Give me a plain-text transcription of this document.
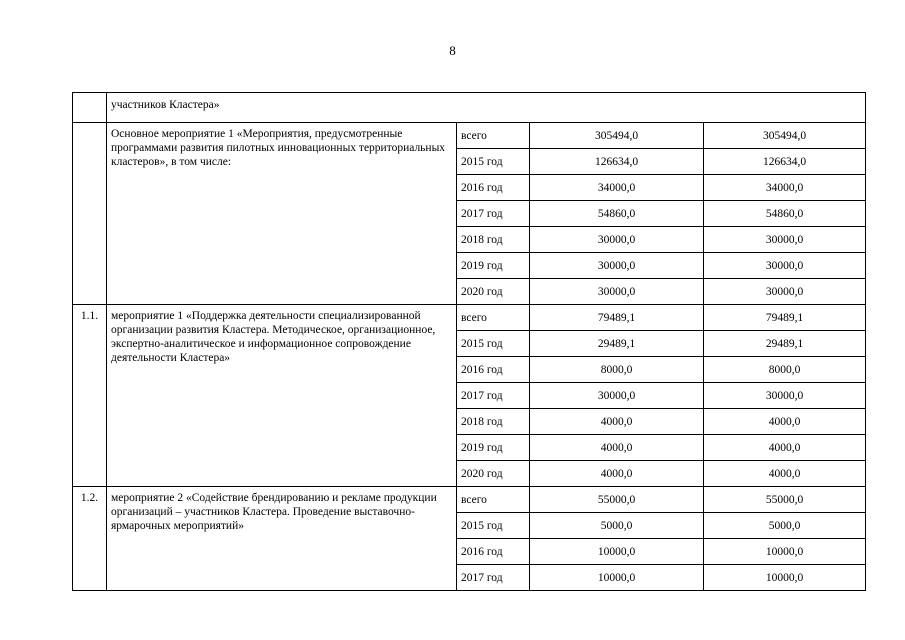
8
	участников Кластера»			
	Основное мероприятие 1 «Мероприятия, предусмотренные программами развития пилотных инновационных территориальных кластеров», в том числе:	всего	305494,0	305494,0
		2015 год	126634,0	126634,0
		2016 год	34000,0	34000,0
		2017 год	54860,0	54860,0
		2018 год	30000,0	30000,0
		2019 год	30000,0	30000,0
		2020 год	30000,0	30000,0
1.1.	мероприятие 1 «Поддержка деятельности специализированной организации развития Кластера. Методическое, организационное, экспертно-аналитическое и информационное сопровождение деятельности Кластера»	всего	79489,1	79489,1
		2015 год	29489,1	29489,1
		2016 год	8000,0	8000,0
		2017 год	30000,0	30000,0
		2018 год	4000,0	4000,0
		2019 год	4000,0	4000,0
		2020 год	4000,0	4000,0
1.2.	мероприятие 2 «Содействие брендированию и рекламе продукции организаций – участников Кластера. Проведение выставочно-ярмарочных мероприятий»	всего	55000,0	55000,0
		2015 год	5000,0	5000,0
		2016 год	10000,0	10000,0
		2017 год	10000,0	10000,0
